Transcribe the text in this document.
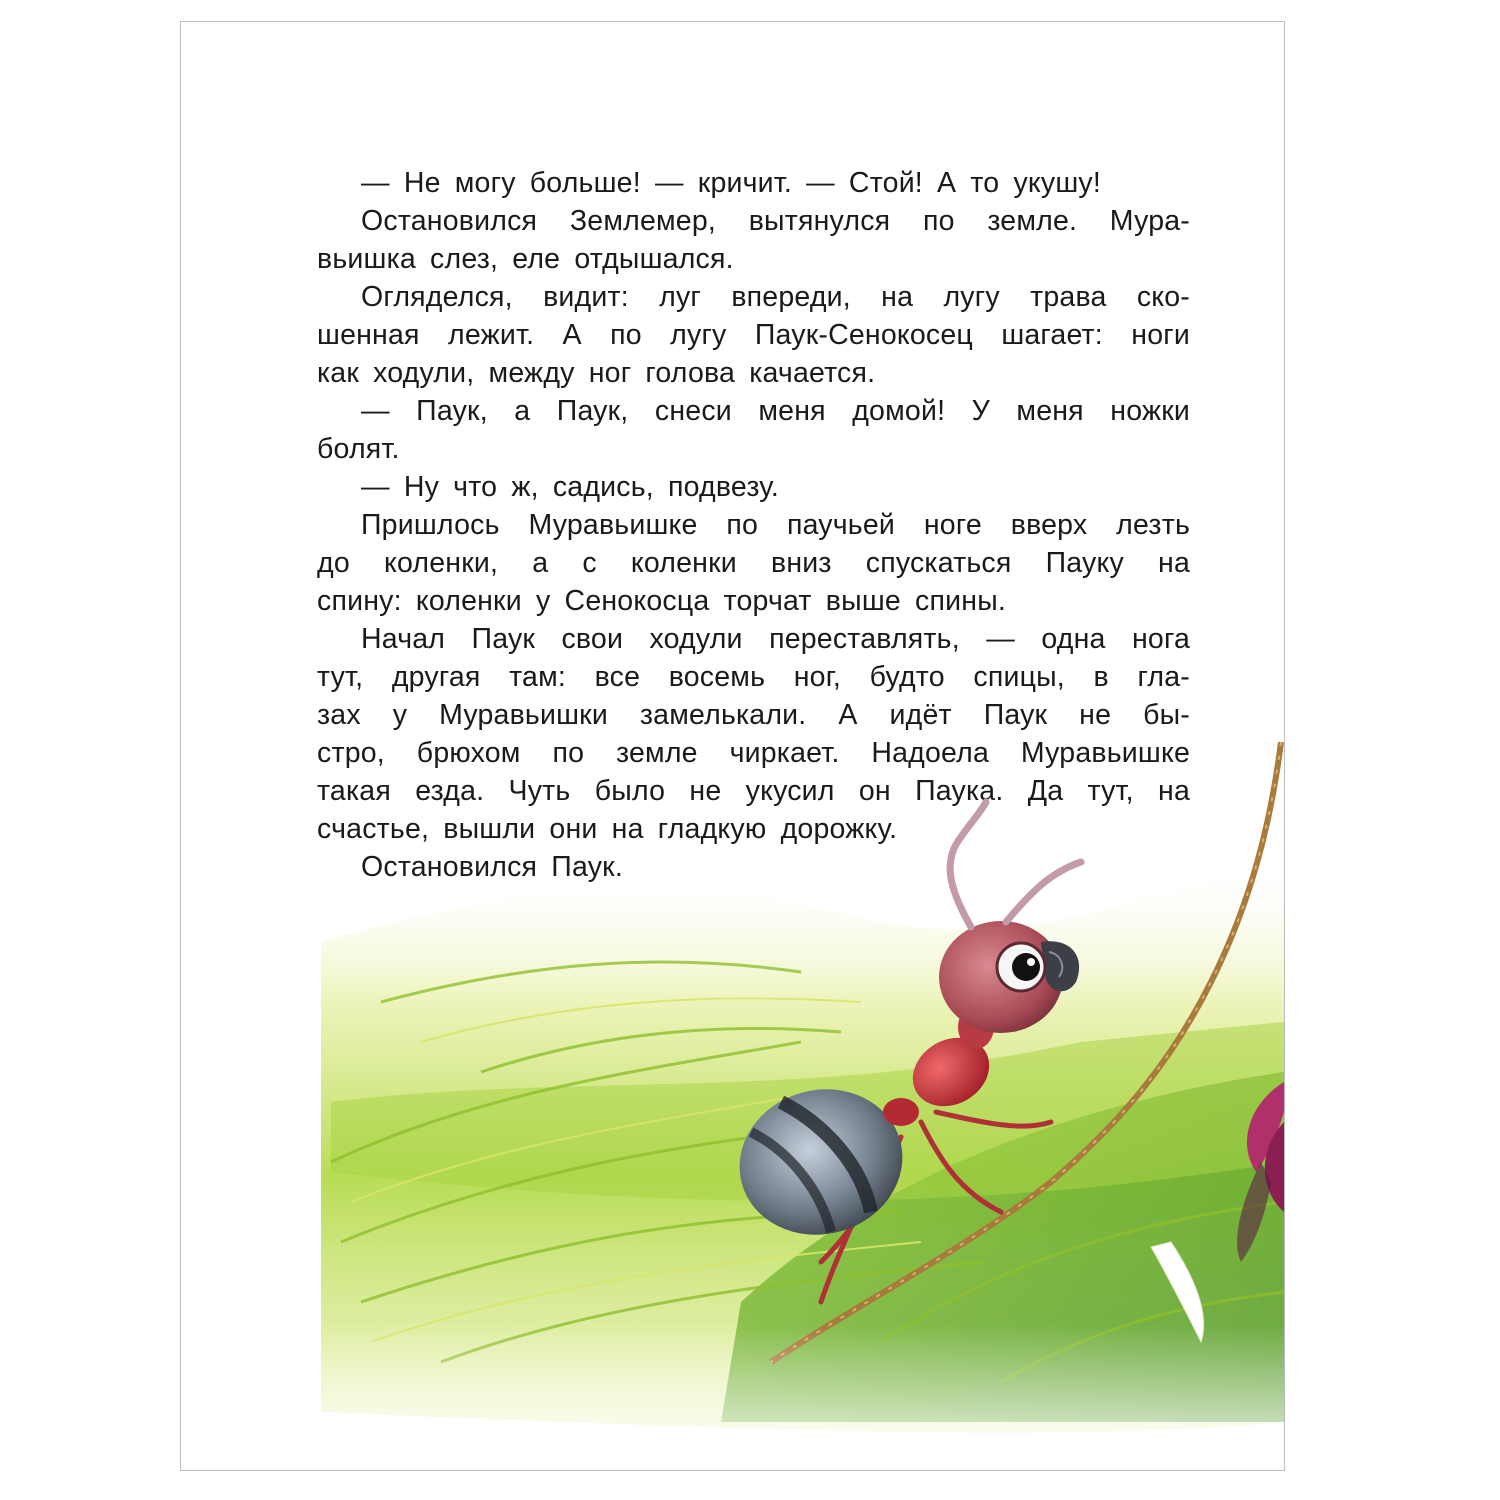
— Не могу больше! — кричит. — Стой! А то укушу!
Остановился Землемер, вытянулся по земле. Мура-
вьишка слез, еле отдышался.
Огляделся, видит: луг впереди, на лугу трава ско-
шенная лежит. А по лугу Паук-Сенокосец шагает: ноги
как ходули, между ног голова качается.
— Паук, а Паук, снеси меня домой! У меня ножки
болят.
— Ну что ж, садись, подвезу.
Пришлось Муравьишке по паучьей ноге вверх лезть
до коленки, а с коленки вниз спускаться Пауку на
спину: коленки у Сенокосца торчат выше спины.
Начал Паук свои ходули переставлять, — одна нога
тут, другая там: все восемь ног, будто спицы, в гла-
зах у Муравьишки замелькали. А идёт Паук не бы-
